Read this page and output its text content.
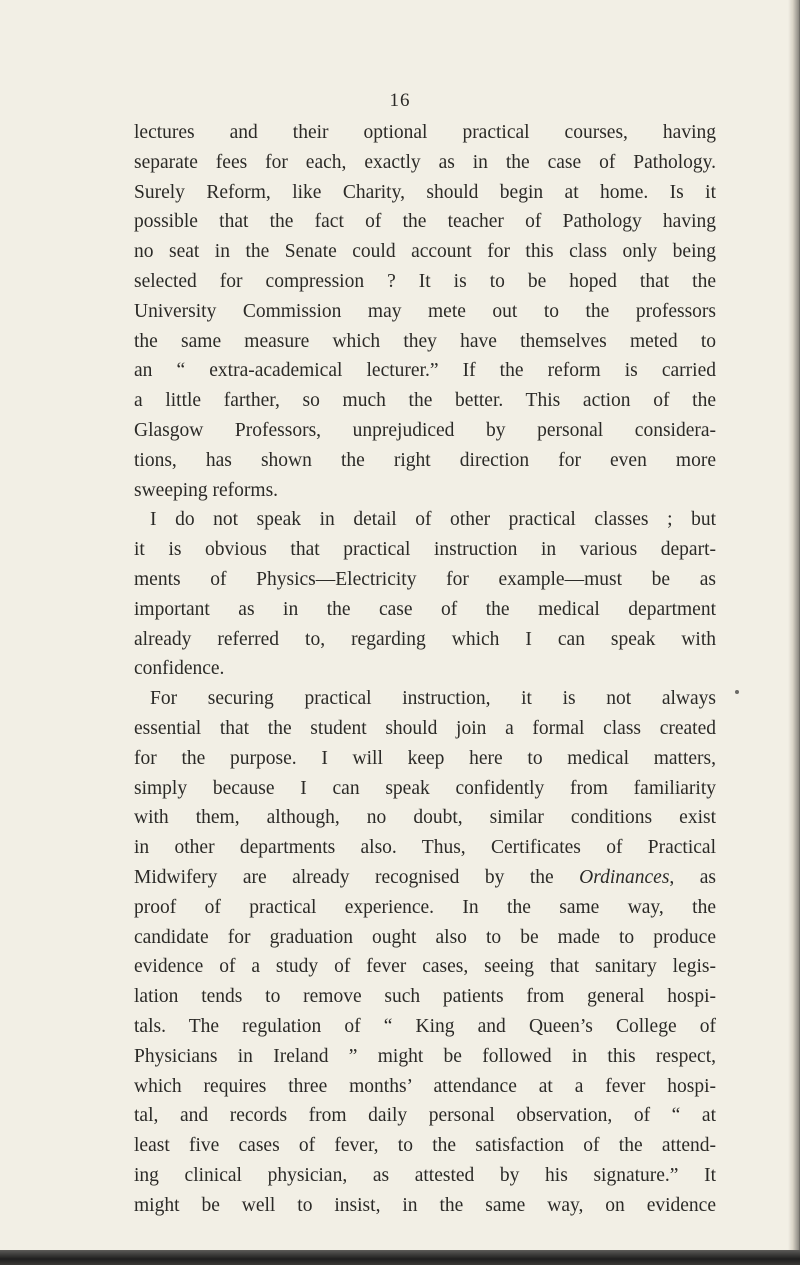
16
lectures and their optional practical courses, having
separate fees for each, exactly as in the case of Pathology.
Surely Reform, like Charity, should begin at home. Is it
possible that the fact of the teacher of Pathology having
no seat in the Senate could account for this class only being
selected for compression ? It is to be hoped that the
University Commission may mete out to the professors
the same measure which they have themselves meted to
an “ extra-academical lecturer.” If the reform is carried
a little farther, so much the better. This action of the
Glasgow Professors, unprejudiced by personal considera-
tions, has shown the right direction for even more
sweeping reforms.
I do not speak in detail of other practical classes ; but
it is obvious that practical instruction in various depart-
ments of Physics—Electricity for example—must be as
important as in the case of the medical department
already referred to, regarding which I can speak with
confidence.
For securing practical instruction, it is not always
essential that the student should join a formal class created
for the purpose. I will keep here to medical matters,
simply because I can speak confidently from familiarity
with them, although, no doubt, similar conditions exist
in other departments also. Thus, Certificates of Practical
Midwifery are already recognised by the Ordinances, as
proof of practical experience. In the same way, the
candidate for graduation ought also to be made to produce
evidence of a study of fever cases, seeing that sanitary legis-
lation tends to remove such patients from general hospi-
tals. The regulation of “ King and Queen’s College of
Physicians in Ireland ” might be followed in this respect,
which requires three months’ attendance at a fever hospi-
tal, and records from daily personal observation, of “ at
least five cases of fever, to the satisfaction of the attend-
ing clinical physician, as attested by his signature.” It
might be well to insist, in the same way, on evidence
